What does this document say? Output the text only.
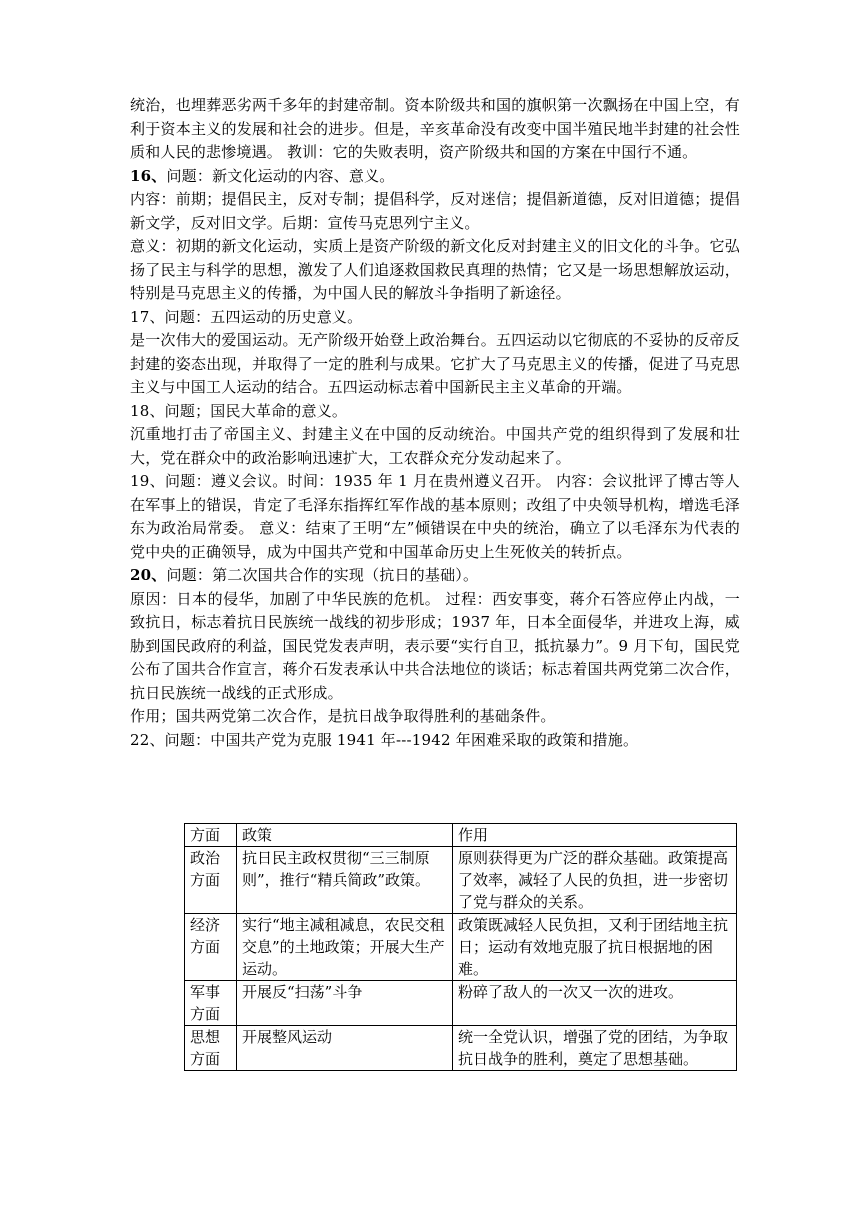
统治，也埋葬恶劣两千多年的封建帝制。资本阶级共和国的旗帜第一次飘扬在中国上空，有利于资本主义的发展和社会的进步。但是，辛亥革命没有改变中国半殖民地半封建的社会性质和人民的悲惨境遇。 教训：它的失败表明，资产阶级共和国的方案在中国行不通。

16、问题：新文化运动的内容、意义。

内容：前期；提倡民主，反对专制；提倡科学，反对迷信；提倡新道德，反对旧道德；提倡新文学，反对旧文学。后期：宣传马克思列宁主义。

意义：初期的新文化运动，实质上是资产阶级的新文化反对封建主义的旧文化的斗争。它弘扬了民主与科学的思想，激发了人们追逐救国救民真理的热情；它又是一场思想解放运动，特别是马克思主义的传播，为中国人民的解放斗争指明了新途径。

17、问题：五四运动的历史意义。

是一次伟大的爱国运动。无产阶级开始登上政治舞台。五四运动以它彻底的不妥协的反帝反封建的姿态出现，并取得了一定的胜利与成果。它扩大了马克思主义的传播，促进了马克思主义与中国工人运动的结合。五四运动标志着中国新民主主义革命的开端。

18、问题；国民大革命的意义。

沉重地打击了帝国主义、封建主义在中国的反动统治。中国共产党的组织得到了发展和壮大，党在群众中的政治影响迅速扩大，工农群众充分发动起来了。

19、问题：遵义会议。时间：1935 年 1 月在贵州遵义召开。 内容：会议批评了博古等人在军事上的错误，肯定了毛泽东指挥红军作战的基本原则；改组了中央领导机构，增选毛泽东为政治局常委。 意义：结束了王明“左”倾错误在中央的统治，确立了以毛泽东为代表的党中央的正确领导，成为中国共产党和中国革命历史上生死攸关的转折点。

20、问题：第二次国共合作的实现（抗日的基础）。

原因：日本的侵华，加剧了中华民族的危机。 过程：西安事变，蒋介石答应停止内战，一致抗日，标志着抗日民族统一战线的初步形成；1937 年，日本全面侵华，并进攻上海，威胁到国民政府的利益，国民党发表声明，表示要“实行自卫，抵抗暴力”。9 月下旬，国民党公布了国共合作宣言，蒋介石发表承认中共合法地位的谈话；标志着国共两党第二次合作，抗日民族统一战线的正式形成。

作用；国共两党第二次合作，是抗日战争取得胜利的基础条件。

22、问题：中国共产党为克服 1941 年---1942 年困难采取的政策和措施。

方面	政策	作用
政治方面	抗日民主政权贯彻“三三制原则”，推行“精兵简政”政策。	原则获得更为广泛的群众基础。政策提高了效率，减轻了人民的负担，进一步密切了党与群众的关系。
经济方面	实行“地主减租减息，农民交租交息”的土地政策；开展大生产运动。	政策既减轻人民负担，又利于团结地主抗日；运动有效地克服了抗日根据地的困难。
军事方面	开展反“扫荡”斗争	粉碎了敌人的一次又一次的进攻。
思想方面	开展整风运动	统一全党认识，增强了党的团结，为争取抗日战争的胜利，奠定了思想基础。
